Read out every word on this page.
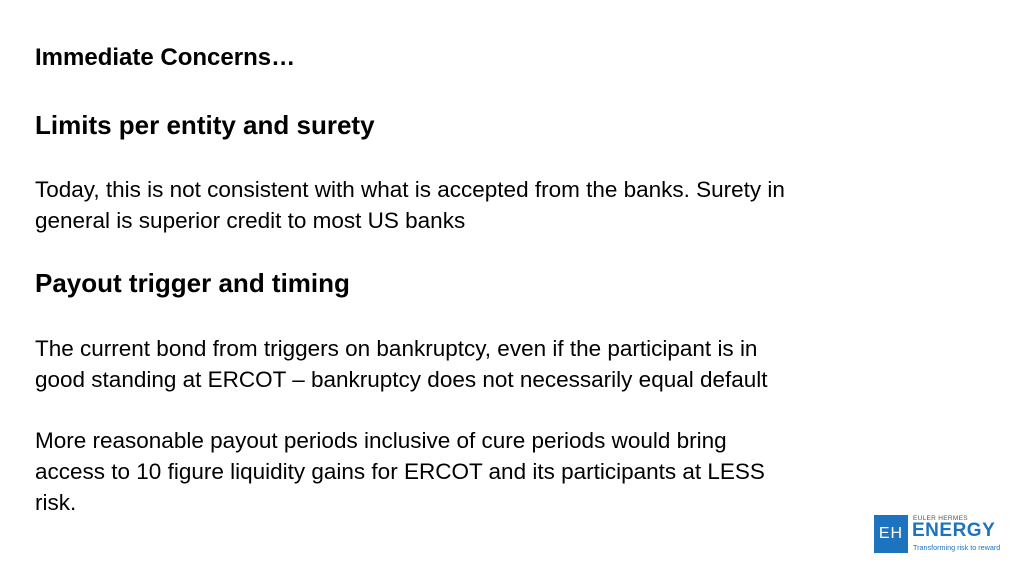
Immediate Concerns…
Limits per entity and surety
Today, this is not consistent with what is accepted from the banks. Surety in
general is superior credit to most US banks
Payout trigger and timing
The current bond from triggers on bankruptcy, even if the participant is in
good standing at ERCOT – bankruptcy does not necessarily equal default
More reasonable payout periods inclusive of cure periods would bring
access to 10 figure liquidity gains for ERCOT and its participants at LESS
risk.
EH
EULER HERMES
ENERGY
Transforming risk to reward
